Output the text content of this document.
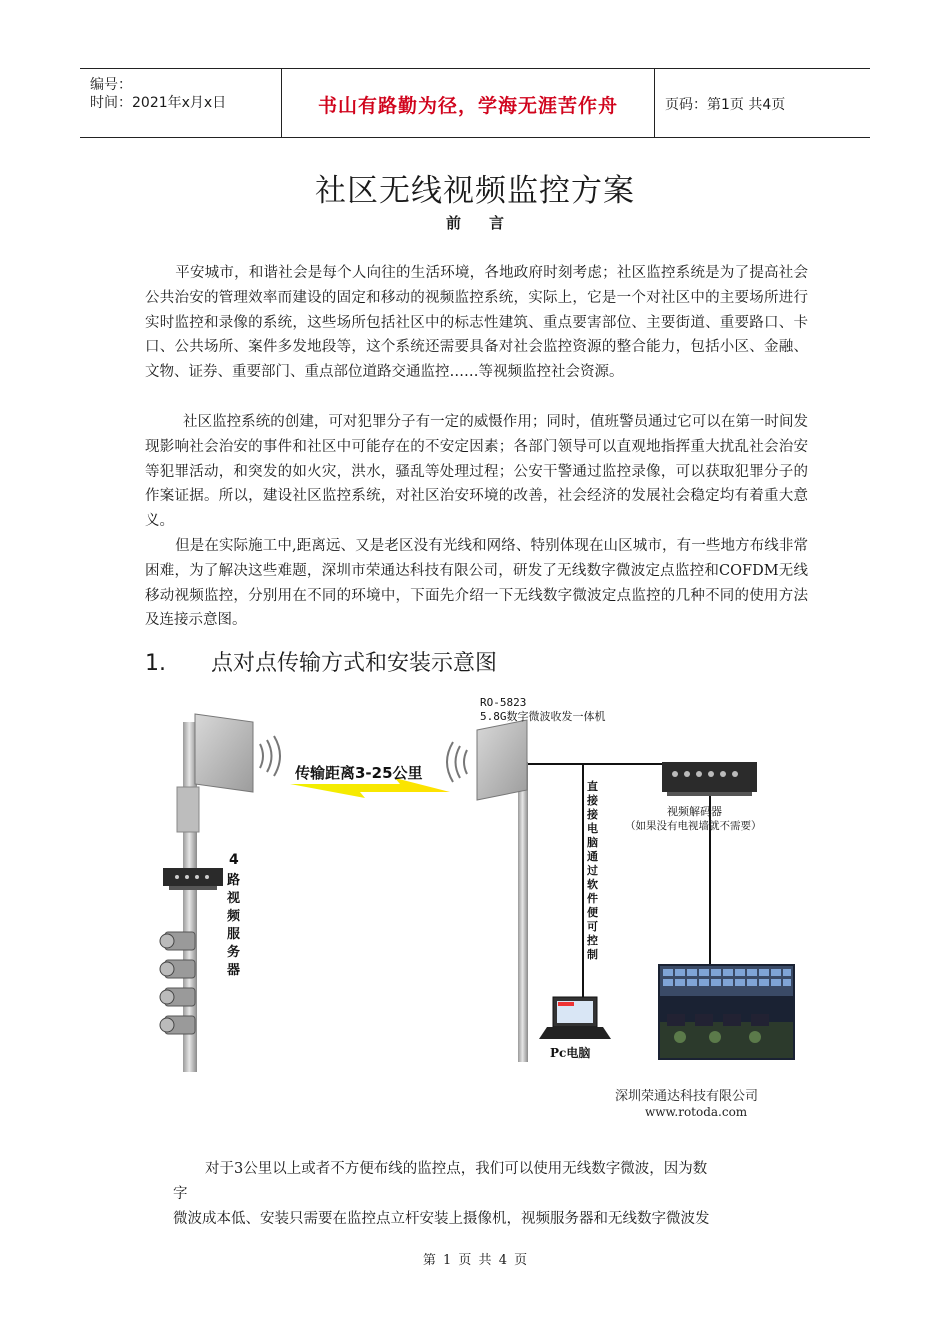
编号：
时间：2021年x月x日	书山有路勤为径，学海无涯苦作舟	页码：第1页 共4页
社区无线视频监控方案
前言

平安城市，和谐社会是每个人向往的生活环境，各地政府时刻考虑；社区监控系统是为了提高社会公共治安的管理效率而建设的固定和移动的视频监控系统，实际上，它是一个对社区中的主要场所进行实时监控和录像的系统，这些场所包括社区中的标志性建筑、重点要害部位、主要街道、重要路口、卡口、公共场所、案件多发地段等，这个系统还需要具备对社会监控资源的整合能力，包括小区、金融、文物、证券、重要部门、重点部位道路交通监控……等视频监控社会资源。

社区监控系统的创建，可对犯罪分子有一定的威慑作用；同时，值班警员通过它可以在第一时间发现影响社会治安的事件和社区中可能存在的不安定因素；各部门领导可以直观地指挥重大扰乱社会治安等犯罪活动，和突发的如火灾，洪水，骚乱等处理过程；公安干警通过监控录像，可以获取犯罪分子的作案证据。所以，建设社区监控系统，对社区治安环境的改善，社会经济的发展社会稳定均有着重大意义。

但是在实际施工中,距离远、又是老区没有光线和网络、特别体现在山区城市，有一些地方布线非常困难，为了解决这些难题，深圳市荣通达科技有限公司，研发了无线数字微波定点监控和COFDM无线移动视频监控，分别用在不同的环境中，下面先介绍一下无线数字微波定点监控的几种不同的使用方法及连接示意图。

1. 点对点传输方式和安装示意图
传输距离3-25公里
4
路
视
频
服
务
器
RO-5823
5.8G数字微波收发一体机
直
接
接
电
脑
通
过
软
件
便
可
控
制
视频解码器
（如果没有电视墙就不需要）
Pc电脑
深圳荣通达科技有限公司
www.rotoda.com
对于3公里以上或者不方便布线的监控点，我们可以使用无线数字微波，因为数
字
微波成本低、安装只需要在监控点立杆安装上摄像机，视频服务器和无线数字微波发
第 1 页 共 4 页
